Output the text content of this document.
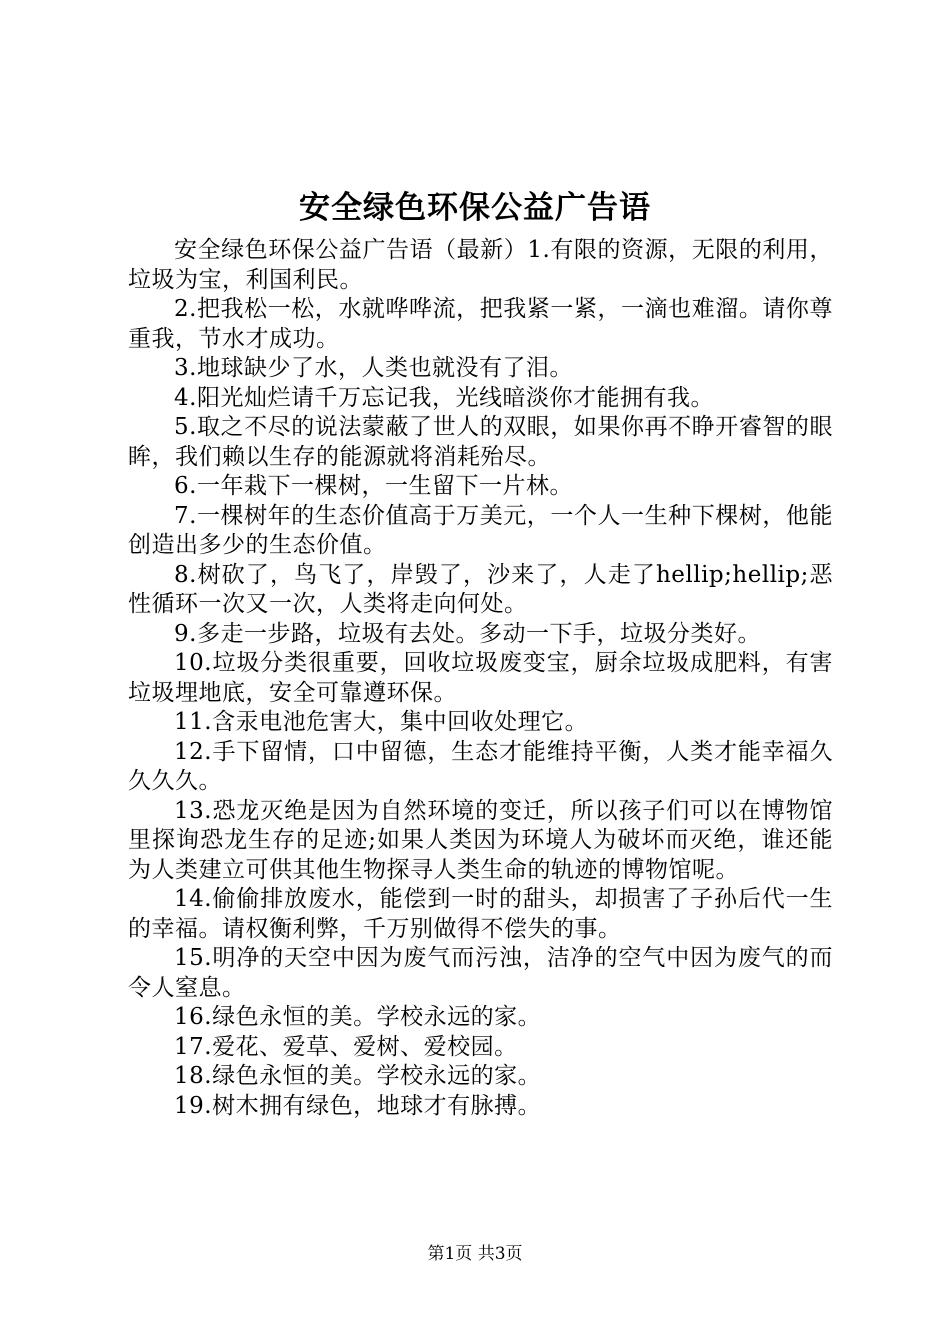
安全绿色环保公益广告语

安全绿色环保公益广告语（最新）1.有限的资源，无限的利用，垃圾为宝，利国利民。

2.把我松一松，水就哗哗流，把我紧一紧，一滴也难溜。请你尊重我，节水才成功。

3.地球缺少了水，人类也就没有了泪。

4.阳光灿烂请千万忘记我，光线暗淡你才能拥有我。

5.取之不尽的说法蒙蔽了世人的双眼，如果你再不睁开睿智的眼眸，我们赖以生存的能源就将消耗殆尽。

6.一年栽下一棵树，一生留下一片林。

7.一棵树年的生态价值高于万美元，一个人一生种下棵树，他能创造出多少的生态价值。

8.树砍了，鸟飞了，岸毁了，沙来了，人走了hellip;hellip;恶性循环一次又一次，人类将走向何处。

9.多走一步路，垃圾有去处。多动一下手，垃圾分类好。

10.垃圾分类很重要，回收垃圾废变宝，厨余垃圾成肥料，有害垃圾埋地底，安全可靠遵环保。

11.含汞电池危害大，集中回收处理它。

12.手下留情，口中留德，生态才能维持平衡，人类才能幸福久久久久。

13.恐龙灭绝是因为自然环境的变迁，所以孩子们可以在博物馆里探询恐龙生存的足迹;如果人类因为环境人为破坏而灭绝，谁还能为人类建立可供其他生物探寻人类生命的轨迹的博物馆呢。

14.偷偷排放废水，能偿到一时的甜头，却损害了子孙后代一生的幸福。请权衡利弊，千万别做得不偿失的事。

15.明净的天空中因为废气而污浊，洁净的空气中因为废气的而令人窒息。

16.绿色永恒的美。学校永远的家。

17.爱花、爱草、爱树、爱校园。

18.绿色永恒的美。学校永远的家。

19.树木拥有绿色，地球才有脉搏。

第1页 共3页
